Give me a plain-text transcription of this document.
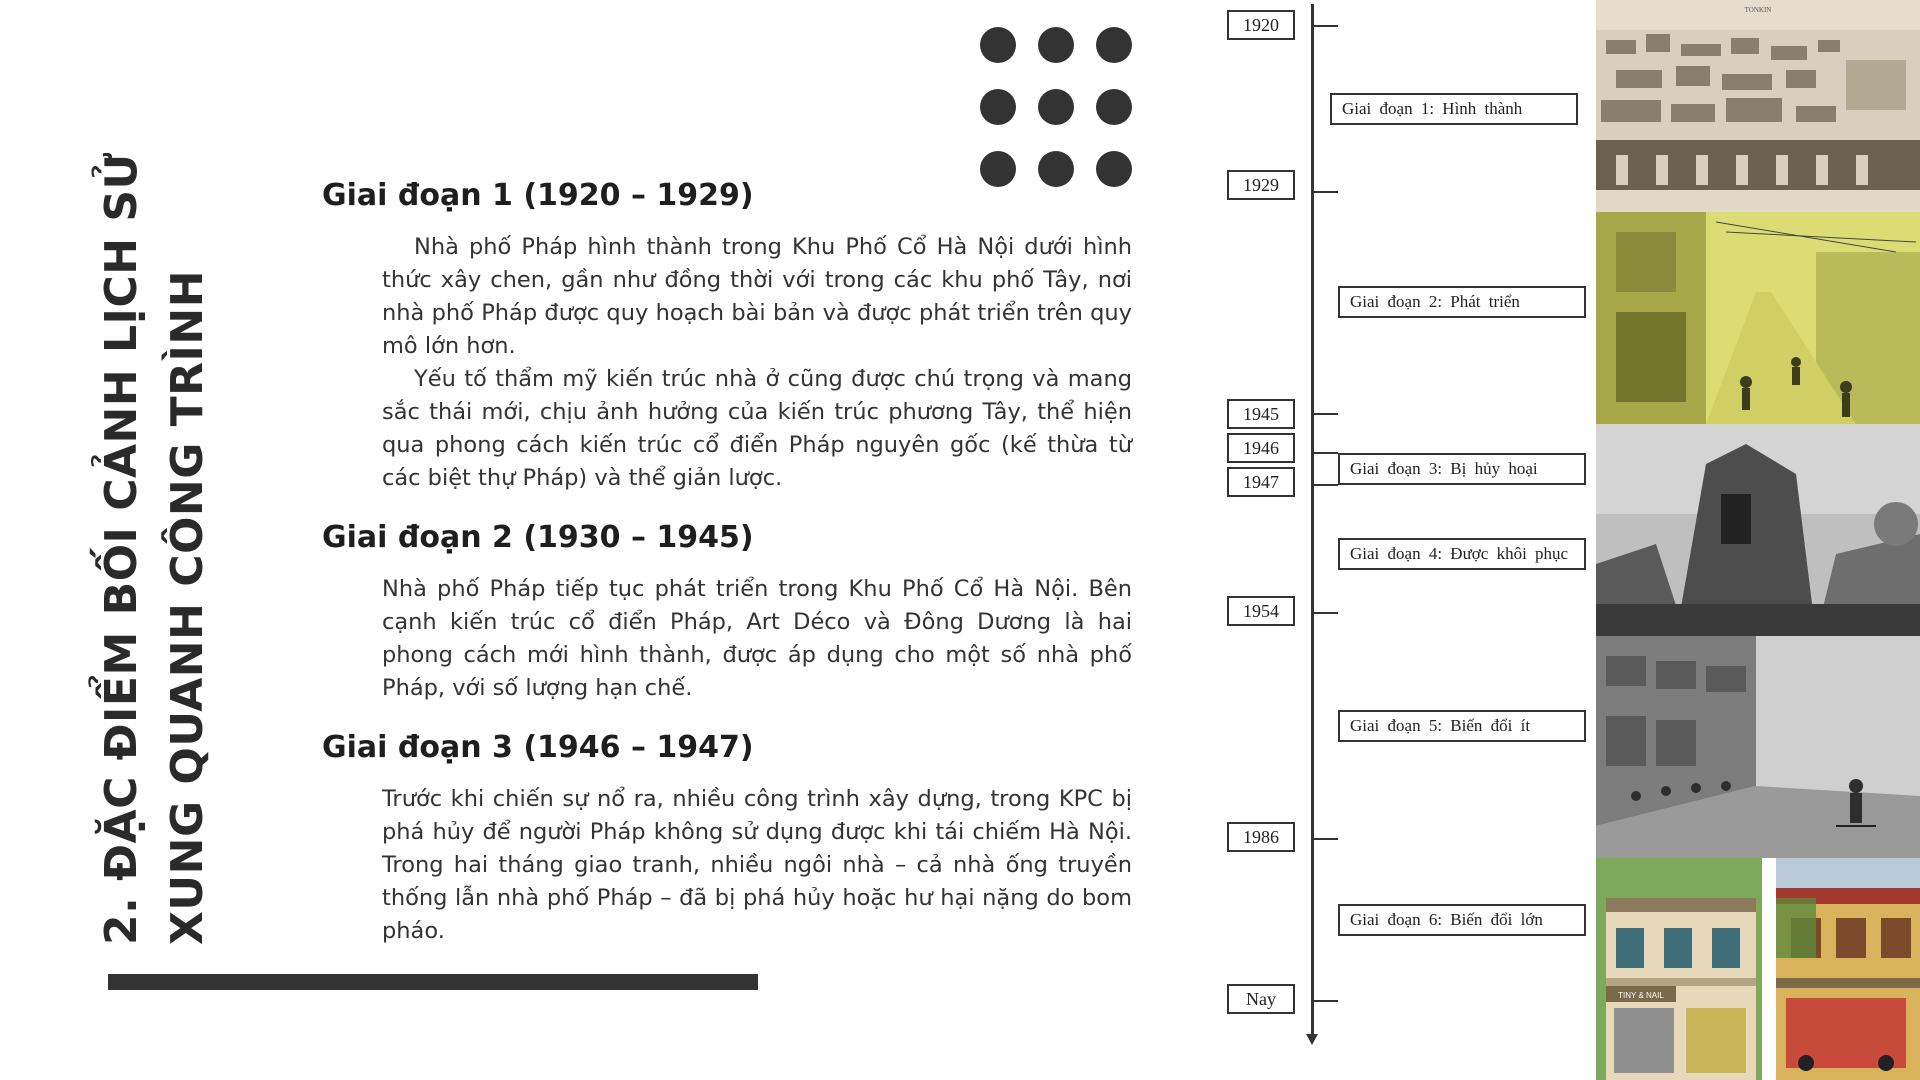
2. ĐẶC ĐIỂM BỐI CẢNH LỊCH SỬ XUNG QUANH CÔNG TRÌNH
Giai đoạn 1 (1920 – 1929)

Nhà phố Pháp hình thành trong Khu Phố Cổ Hà Nội dưới hình thức xây chen, gần như đồng thời với trong các khu phố Tây, nơi nhà phố Pháp được quy hoạch bài bản và được phát triển trên quy mô lớn hơn.

Yếu tố thẩm mỹ kiến trúc nhà ở cũng được chú trọng và mang sắc thái mới, chịu ảnh hưởng của kiến trúc phương Tây, thể hiện qua phong cách kiến trúc cổ điển Pháp nguyên gốc (kế thừa từ các biệt thự Pháp) và thể giản lược.

Giai đoạn 2 (1930 – 1945)

Nhà phố Pháp tiếp tục phát triển trong Khu Phố Cổ Hà Nội. Bên cạnh kiến trúc cổ điển Pháp, Art Déco và Đông Dương là hai phong cách mới hình thành, được áp dụng cho một số nhà phố Pháp, với số lượng hạn chế.

Giai đoạn 3 (1946 – 1947)

Trước khi chiến sự nổ ra, nhiều công trình xây dựng, trong KPC bị phá hủy để người Pháp không sử dụng được khi tái chiếm Hà Nội. Trong hai tháng giao tranh, nhiều ngôi nhà – cả nhà ống truyền thống lẫn nhà phố Pháp – đã bị phá hủy hoặc hư hại nặng do bom pháo.

1920
1929
1945
1946
1947
1954
1986
Nay
Giai đoạn 1: Hình thành
Giai đoạn 2: Phát triển
Giai đoạn 3: Bị hủy hoại
Giai đoạn 4: Được khôi phục
Giai đoạn 5: Biến đổi ít
Giai đoạn 6: Biến đổi lớn
TONKIN
TINY & NAIL
